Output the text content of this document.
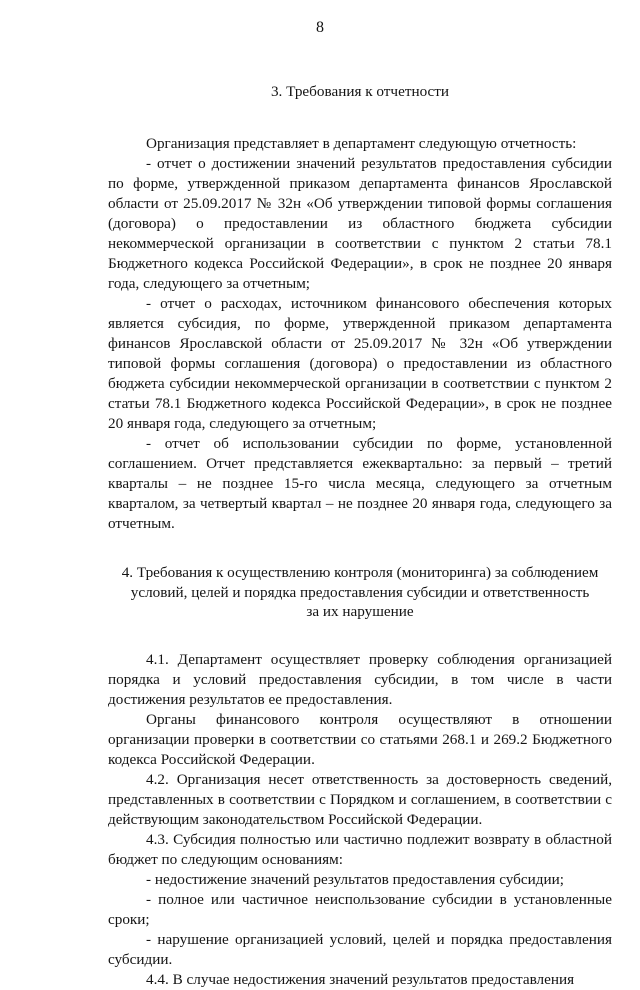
8

3. Требования к отчетности

Организация представляет в департамент следующую отчетность:

- отчет о достижении значений результатов предоставления субсидии по форме, утвержденной приказом департамента финансов Ярославской области от 25.09.2017 № 32н «Об утверждении типовой формы соглашения (договора) о предоставлении из областного бюджета субсидии некоммерческой организации в соответствии с пунктом 2 статьи 78.1 Бюджетного кодекса Российской Федерации», в срок не позднее 20 января года, следующего за отчетным;

- отчет о расходах, источником финансового обеспечения которых является субсидия, по форме, утвержденной приказом департамента финансов Ярославской области от 25.09.2017 № 32н «Об утверждении типовой формы соглашения (договора) о предоставлении из областного бюджета субсидии некоммерческой организации в соответствии с пунктом 2 статьи 78.1 Бюджетного кодекса Российской Федерации», в срок не позднее 20 января года, следующего за отчетным;

- отчет об использовании субсидии по форме, установленной соглашением. Отчет представляется ежеквартально: за первый – третий кварталы – не позднее 15-го числа месяца, следующего за отчетным кварталом, за четвертый квартал – не позднее 20 января года, следующего за отчетным.

4. Требования к осуществлению контроля (мониторинга) за соблюдением
условий, целей и порядка предоставления субсидии и ответственность
за их нарушение

4.1. Департамент осуществляет проверку соблюдения организацией порядка и условий предоставления субсидии, в том числе в части достижения результатов ее предоставления.

Органы финансового контроля осуществляют в отношении организации проверки в соответствии со статьями 268.1 и 269.2 Бюджетного кодекса Российской Федерации.

4.2. Организация несет ответственность за достоверность сведений, представленных в соответствии с Порядком и соглашением, в соответствии с действующим законодательством Российской Федерации.

4.3. Субсидия полностью или частично подлежит возврату в областной бюджет по следующим основаниям:

- недостижение значений результатов предоставления субсидии;

- полное или частичное неиспользование субсидии в установленные сроки;

- нарушение организацией условий, целей и порядка предоставления субсидии.

4.4. В случае недостижения значений результатов предоставления
